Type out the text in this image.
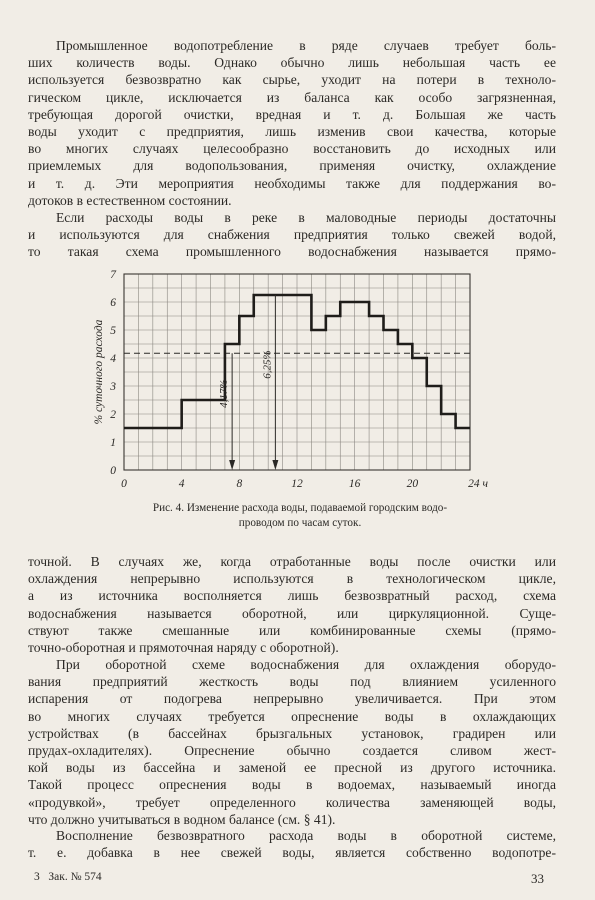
Промышленное водопотребление в ряде случаев требует боль-
ших количеств воды. Однако обычно лишь небольшая часть ее
используется безвозвратно как сырье, уходит на потери в техноло-
гическом цикле, исключается из баланса как особо загрязненная,
требующая дорогой очистки, вредная и т. д. Большая же часть
воды уходит с предприятия, лишь изменив свои качества, которые
во многих случаях целесообразно восстановить до исходных или
приемлемых для водопользования, применяя очистку, охлаждение
и т. д. Эти мероприятия необходимы также для поддержания во-
дотоков в естественном состоянии.
Если расходы воды в реке в маловодные периоды достаточны
и используются для снабжения предприятия только свежей водой,
то такая схема промышленного водоснабжения называется прямо-
0
1
2
3
4
5
6
7
0	4	8	12	16	20	24 ч
% суточного расхода	4,17%
6,25%
Рис. 4. Изменение расхода воды, подаваемой городским водо-
проводом по часам суток.
точной. В случаях же, когда отработанные воды после очистки или
охлаждения непрерывно используются в технологическом цикле,
а из источника восполняется лишь безвозвратный расход, схема
водоснабжения называется оборотной, или циркуляционной. Суще-
ствуют также смешанные или комбинированные схемы (прямо-
точно-оборотная и прямоточная наряду с оборотной).
При оборотной схеме водоснабжения для охлаждения оборудо-
вания предприятий жесткость воды под влиянием усиленного
испарения от подогрева непрерывно увеличивается. При этом
во многих случаях требуется опреснение воды в охлаждающих
устройствах (в бассейнах брызгальных установок, градирен или
прудах-охладителях). Опреснение обычно создается сливом жест-
кой воды из бассейна и заменой ее пресной из другого источника.
Такой процесс опреснения воды в водоемах, называемый иногда
«продувкой», требует определенного количества заменяющей воды,
что должно учитываться в водном балансе (см. § 41).
Восполнение безвозвратного расхода воды в оборотной системе,
т. е. добавка в нее свежей воды, является собственно водопотре-
3   Зак. № 574	33
